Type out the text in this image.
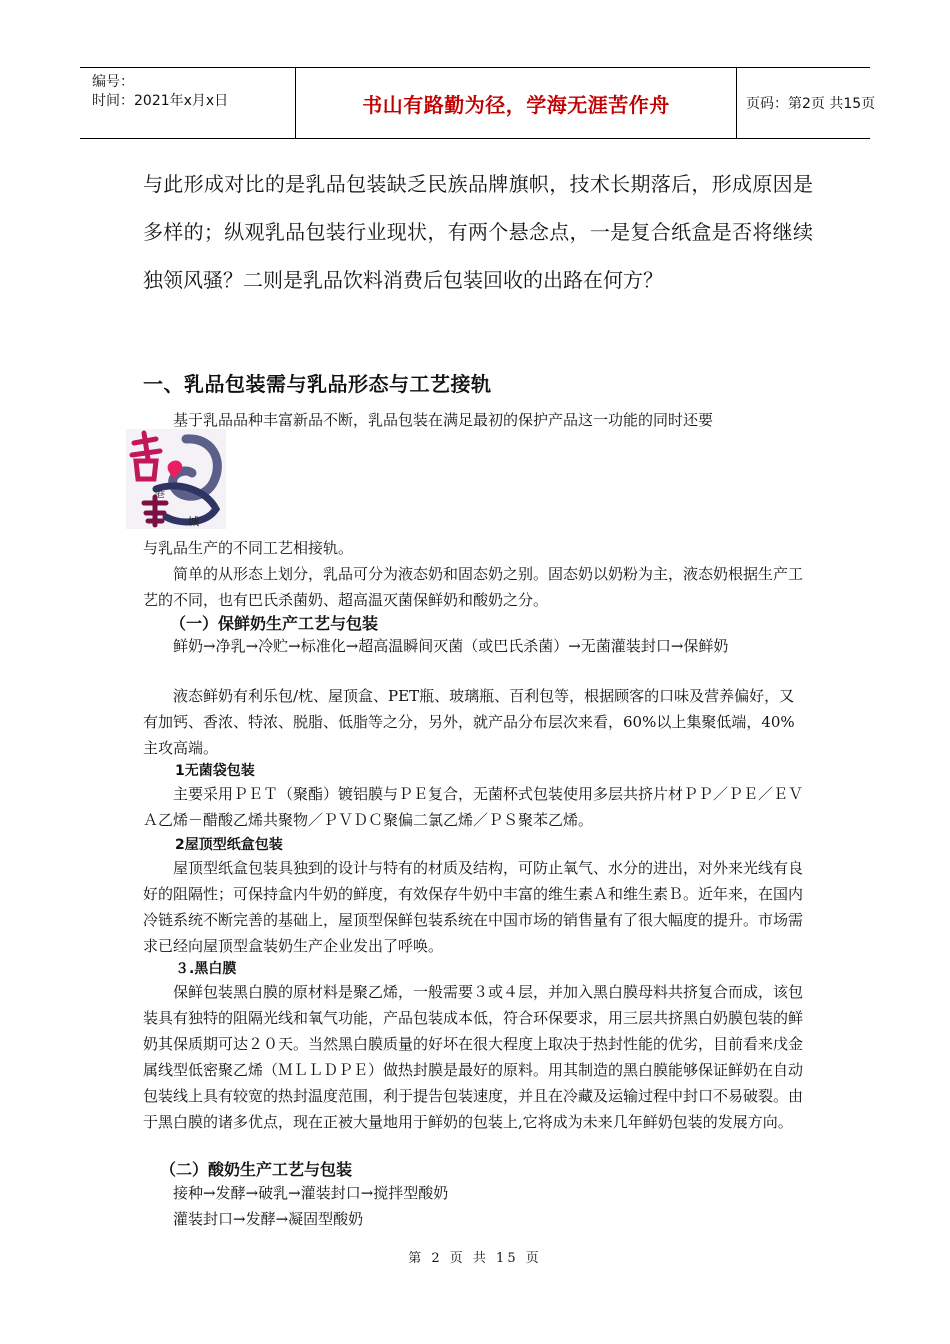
编号：
时间：2021年x月x日	书山有路勤为径，学海无涯苦作舟	页码：第2页 共15页
与此形成对比的是乳品包装缺乏民族品牌旗帜，技术长期落后，形成原因是多样的；纵观乳品包装行业现状，有两个悬念点，一是复合纸盒是否将继续独领风骚？二则是乳品饮料消费后包装回收的出路在何方？
一、乳品包装需与乳品形态与工艺接轨
基于乳品品种丰富新品不断，乳品包装在满足最初的保护产品这一功能的同时还要
港
城
与乳品生产的不同工艺相接轨。
简单的从形态上划分，乳品可分为液态奶和固态奶之别。固态奶以奶粉为主，液态奶根据生产工艺的不同，也有巴氏杀菌奶、超高温灭菌保鲜奶和酸奶之分。
（一）保鲜奶生产工艺与包装
鲜奶→净乳→冷贮→标准化→超高温瞬间灭菌（或巴氏杀菌）→无菌灌装封口→保鲜奶
液态鲜奶有利乐包/枕、屋顶盒、PET瓶、玻璃瓶、百利包等，根据顾客的口味及营养偏好，又有加钙、香浓、特浓、脱脂、低脂等之分，另外，就产品分布层次来看，60%以上集聚低端，40%主攻高端。
1无菌袋包装
主要采用ＰＥＴ（聚酯）镀铝膜与ＰＥ复合，无菌杯式包装使用多层共挤片材ＰＰ／ＰＥ／ＥＶＡ乙烯－醋酸乙烯共聚物／ＰＶＤＣ聚偏二氯乙烯／ＰＳ聚苯乙烯。
2屋顶型纸盒包装
屋顶型纸盒包装具独到的设计与特有的材质及结构，可防止氧气、水分的进出，对外来光线有良好的阻隔性；可保持盒内牛奶的鲜度，有效保存牛奶中丰富的维生素Ａ和维生素Ｂ。近年来，在国内冷链系统不断完善的基础上，屋顶型保鲜包装系统在中国市场的销售量有了很大幅度的提升。市场需求已经向屋顶型盒装奶生产企业发出了呼唤。
３.黑白膜
保鲜包装黑白膜的原材料是聚乙烯，一般需要３或４层，并加入黑白膜母料共挤复合而成，该包装具有独特的阻隔光线和氧气功能，产品包装成本低，符合环保要求，用三层共挤黑白奶膜包装的鲜奶其保质期可达２０天。当然黑白膜质量的好坏在很大程度上取决于热封性能的优劣，目前看来戊金属线型低密聚乙烯（ＭＬＬＤＰＥ）做热封膜是最好的原料。用其制造的黑白膜能够保证鲜奶在自动包装线上具有较宽的热封温度范围，利于提告包装速度，并且在冷藏及运输过程中封口不易破裂。由于黑白膜的诸多优点，现在正被大量地用于鲜奶的包装上,它将成为未来几年鲜奶包装的发展方向。
（二）酸奶生产工艺与包装
接种→发酵→破乳→灌装封口→搅拌型酸奶
灌装封口→发酵→凝固型酸奶
第 2 页 共 15 页
